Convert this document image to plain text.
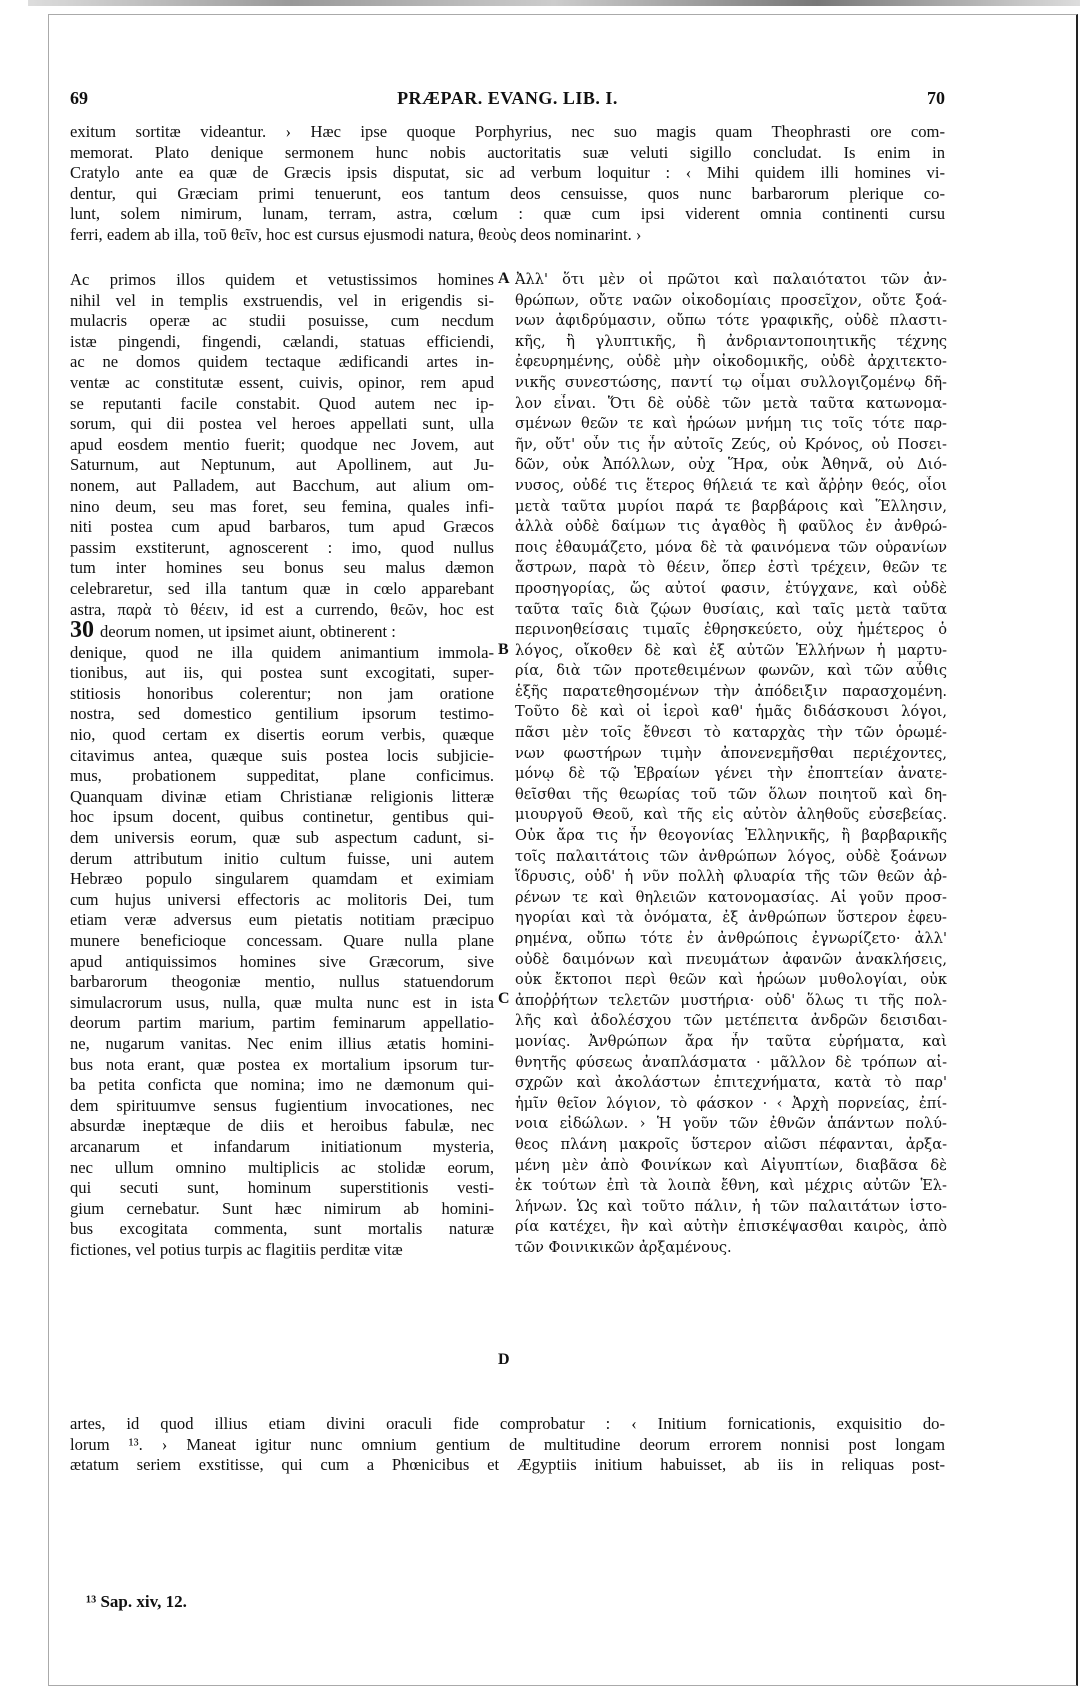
69	PRÆPAR. EVANG. LIB. I.	70
exitum sortitæ videantur. › Hæc ipse quoque Porphyrius, nec suo magis quam Theophrasti ore com-
memorat. Plato denique sermonem hunc nobis auctoritatis suæ veluti sigillo concludat. Is enim in
Cratylo ante ea quæ de Græcis ipsis disputat, sic ad verbum loquitur : ‹ Mihi quidem illi homines vi-
dentur, qui Græciam primi tenuerunt, eos tantum deos censuisse, quos nunc barbarorum plerique co-
lunt, solem nimirum, lunam, terram, astra, cœlum : quæ cum ipsi viderent omnia continenti cursu
ferri, eadem ab illa, τοῦ θεῖν, hoc est cursus ejusmodi natura, θεοὺς deos nominarint. ›
Ac primos illos quidem et vetustissimos homines
nihil vel in templis exstruendis, vel in erigendis si-
mulacris operæ ac studii posuisse, cum necdum
istæ pingendi, fingendi, cælandi, statuas efficiendi,
ac ne domos quidem tectaque ædificandi artes in-
ventæ ac constitutæ essent, cuivis, opinor, rem apud
se reputanti facile constabit. Quod autem nec ip-
sorum, qui dii postea vel heroes appellati sunt, ulla
apud eosdem mentio fuerit; quodque nec Jovem, aut
Saturnum, aut Neptunum, aut Apollinem, aut Ju-
nonem, aut Palladem, aut Bacchum, aut alium om-
nino deum, seu mas foret, seu femina, quales infi-
niti postea cum apud barbaros, tum apud Græcos
passim exstiterunt, agnoscerent : imo, quod nullus
tum inter homines seu bonus seu malus dæmon
celebraretur, sed illa tantum quæ in cœlo apparebant
astra, παρὰ τὸ θέειν, id est a currendo, θεῶν, hoc est
30 deorum nomen, ut ipsimet aiunt, obtinerent :
denique, quod ne illa quidem animantium immola-
tionibus, aut iis, qui postea sunt excogitati, super-
stitiosis honoribus colerentur; non jam oratione
nostra, sed domestico gentilium ipsorum testimo-
nio, quod certam ex disertis eorum verbis, quæque
citavimus antea, quæque suis postea locis subjicie-
mus, probationem suppeditat, plane conficimus.
Quanquam divinæ etiam Christianæ religionis litteræ
hoc ipsum docent, quibus continetur, gentibus qui-
dem universis eorum, quæ sub aspectum cadunt, si-
derum attributum initio cultum fuisse, uni autem
Hebræo populo singularem quamdam et eximiam
cum hujus universi effectoris ac molitoris Dei, tum
etiam veræ adversus eum pietatis notitiam præcipuo
munere beneficioque concessam. Quare nulla plane
apud antiquissimos homines sive Græcorum, sive
barbarorum theogoniæ mentio, nullus statuendorum
simulacrorum usus, nulla, quæ multa nunc est in ista
deorum partim marium, partim feminarum appellatio-
ne, nugarum vanitas. Nec enim illius ætatis homini-
bus nota erant, quæ postea ex mortalium ipsorum tur-
ba petita conficta que nomina; imo ne dæmonum qui-
dem spirituumve sensus fugientium invocationes, nec
absurdæ ineptæque de diis et heroibus fabulæ, nec
arcanarum et infandarum initiationum mysteria,
nec ullum omnino multiplicis ac stolidæ eorum,
qui secuti sunt, hominum superstitionis vesti-
gium cernebatur. Sunt hæc nimirum ab homini-
bus excogitata commenta, sunt mortalis naturæ
fictiones, vel potius turpis ac flagitiis perditæ vitæ
Ἀλλ' ὅτι μὲν οἱ πρῶτοι καὶ παλαιότατοι τῶν ἀν-
θρώπων, οὔτε ναῶν οἰκοδομίαις προσεῖχον, οὔτε ξοά-
νων ἀφιδρύμασιν, οὔπω τότε γραφικῆς, οὐδὲ πλαστι-
κῆς, ἢ γλυπτικῆς, ἢ ἀνδριαντοποιητικῆς τέχνης
ἐφευρημένης, οὐδὲ μὴν οἰκοδομικῆς, οὐδὲ ἀρχιτεκτο-
νικῆς συνεστώσης, παντί τῳ οἶμαι συλλογιζομένῳ δῆ-
λον εἶναι. Ὅτι δὲ οὐδὲ τῶν μετὰ ταῦτα κατωνομα-
σμένων θεῶν τε καὶ ἡρώων μνήμη τις τοῖς τότε παρ-
ῆν, οὔτ' οὖν τις ἦν αὐτοῖς Ζεύς, οὐ Κρόνος, οὐ Ποσει-
δῶν, οὐκ Ἀπόλλων, οὐχ Ἥρα, οὐκ Ἀθηνᾶ, οὐ Διό-
νυσος, οὐδέ τις ἕτερος θήλειά τε καὶ ἄῤῥην θεός, οἷοι
μετὰ ταῦτα μυρίοι παρά τε βαρβάροις καὶ Ἕλλησιν,
ἀλλὰ οὐδὲ δαίμων τις ἀγαθὸς ἢ φαῦλος ἐν ἀνθρώ-
ποις ἐθαυμάζετο, μόνα δὲ τὰ φαινόμενα τῶν οὐρανίων
ἄστρων, παρὰ τὸ θέειν, ὅπερ ἐστὶ τρέχειν, θεῶν τε
προσηγορίας, ὥς αὐτοί φασιν, ἐτύγχανε, καὶ οὐδὲ
ταῦτα ταῖς διὰ ζῴων θυσίαις, καὶ ταῖς μετὰ ταῦτα
περινοηθείσαις τιμαῖς ἐθρησκεύετο, οὐχ ἡμέτερος ὁ
λόγος, οἴκοθεν δὲ καὶ ἐξ αὐτῶν Ἑλλήνων ἡ μαρτυ-
ρία, διὰ τῶν προτεθειμένων φωνῶν, καὶ τῶν αὖθις
ἑξῆς παρατεθησομένων τὴν ἀπόδειξιν παρασχομένη.
Τοῦτο δὲ καὶ οἱ ἱεροὶ καθ' ἡμᾶς διδάσκουσι λόγοι,
πᾶσι μὲν τοῖς ἔθνεσι τὸ καταρχὰς τὴν τῶν ὁρωμέ-
νων φωστήρων τιμὴν ἀπονενεμῆσθαι περιέχοντες,
μόνῳ δὲ τῷ Ἑβραίων γένει τὴν ἐποπτείαν ἀνατε-
θεῖσθαι τῆς θεωρίας τοῦ τῶν ὅλων ποιητοῦ καὶ δη-
μιουργοῦ Θεοῦ, καὶ τῆς εἰς αὐτὸν ἀληθοῦς εὐσεβείας.
Οὐκ ἄρα τις ἦν θεογονίας Ἑλληνικῆς, ἢ βαρβαρικῆς
τοῖς παλαιτάτοις τῶν ἀνθρώπων λόγος, οὐδὲ ξοάνων
ἵδρυσις, οὐδ' ἡ νῦν πολλὴ φλυαρία τῆς τῶν θεῶν ἀῤ-
ρένων τε καὶ θηλειῶν κατονομασίας. Αἱ γοῦν προσ-
ηγορίαι καὶ τὰ ὀνόματα, ἐξ ἀνθρώπων ὕστερον ἐφευ-
ρημένα, οὔπω τότε ἐν ἀνθρώποις ἐγνωρίζετο· ἀλλ'
οὐδὲ δαιμόνων καὶ πνευμάτων ἀφανῶν ἀνακλήσεις,
οὐκ ἔκτοποι περὶ θεῶν καὶ ἡρώων μυθολογίαι, οὐκ
ἀποῤῥήτων τελετῶν μυστήρια· οὐδ' ὅλως τι τῆς πολ-
λῆς καὶ ἀδολέσχου τῶν μετέπειτα ἀνδρῶν δεισιδαι-
μονίας. Ἀνθρώπων ἄρα ἦν ταῦτα εὑρήματα, καὶ
θνητῆς φύσεως ἀναπλάσματα · μᾶλλον δὲ τρόπων αἰ-
σχρῶν καὶ ἀκολάστων ἐπιτεχνήματα, κατὰ τὸ παρ'
ἡμῖν θεῖον λόγιον, τὸ φάσκον · ‹ Ἀρχὴ πορνείας, ἐπί-
νοια εἰδώλων. › Ἡ γοῦν τῶν ἐθνῶν ἁπάντων πολύ-
θεος πλάνη μακροῖς ὕστερον αἰῶσι πέφανται, ἀρξα-
μένη μὲν ἀπὸ Φοινίκων καὶ Αἰγυπτίων, διαβᾶσα δὲ
ἐκ τούτων ἐπὶ τὰ λοιπὰ ἔθνη, καὶ μέχρις αὐτῶν Ἑλ-
λήνων. Ὡς καὶ τοῦτο πάλιν, ἡ τῶν παλαιτάτων ἱστο-
ρία κατέχει, ἣν καὶ αὐτὴν ἐπισκέψασθαι καιρὸς, ἀπὸ
τῶν Φοινικικῶν ἀρξαμένους.
A
B
C
D
artes, id quod illius etiam divini oraculi fide comprobatur : ‹ Initium fornicationis, exquisitio do-
lorum ¹³. › Maneat igitur nunc omnium gentium de multitudine deorum errorem nonnisi post longam
ætatum seriem exstitisse, qui cum a Phœnicibus et Ægyptiis initium habuisset, ab iis in reliquas post-
¹³ Sap. xiv, 12.
